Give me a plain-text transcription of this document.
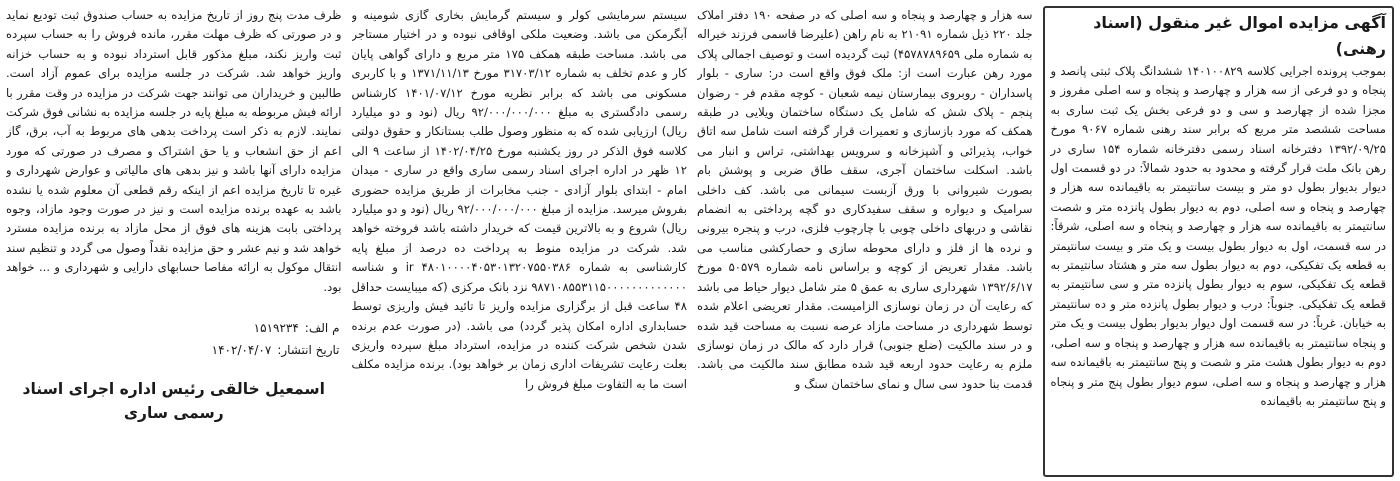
آگهی مزایده اموال غیر منقول (اسناد رهنی)

بموجب پرونده اجرایی کلاسه ۱۴۰۱۰۰۸۲۹ ششدانگ پلاک ثبتی پانصد و پنجاه و دو فرعی از سه هزار و چهارصد و پنجاه و سه اصلی مفروز و مجزا شده از چهارصد و سی و دو فرعی بخش یک ثبت ساری به مساحت ششصد متر مربع که برابر سند رهنی شماره ۹۰۶۷ مورخ ۱۳۹۲/۰۹/۲۵ دفترخانه اسناد رسمی دفترخانه شماره ۱۵۴ ساری در رهن بانک ملت قرار گرفته و محدود به حدود شمالاً: در دو قسمت اول دیوار بدیوار بطول دو متر و بیست سانتیمتر به باقیمانده سه هزار و چهارصد و پنجاه و سه اصلی، دوم به دیوار بطول پانزده متر و شصت سانتیمتر به باقیمانده سه هزار و چهارصد و پنجاه و سه اصلی، شرقاً: در سه قسمت، اول به دیوار بطول بیست و یک متر و بیست سانتیمتر به قطعه یک تفکیکی، دوم به دیوار بطول سه متر و هشتاد سانتیمتر به قطعه یک تفکیکی، سوم به دیوار بطول پانزده متر و سی سانتیمتر به قطعه یک تفکیکی. جنوباً: درب و دیوار بطول پانزده متر و ده سانتیمتر به خیابان. غرباً: در سه قسمت اول دیوار بدیوار بطول بیست و یک متر و پنجاه سانتیمتر به باقیمانده سه هزار و چهارصد و پنجاه و سه اصلی، دوم به دیوار بطول هشت متر و شصت و پنج سانتیمتر به باقیمانده سه هزار و چهارصد و پنجاه و سه اصلی، سوم دیوار بطول پنج متر و پنجاه و پنج سانتیمتر به باقیمانده

سه هزار و چهارصد و پنجاه و سه اصلی که در صفحه ۱۹۰ دفتر املاک جلد ۲۲۰ ذیل شماره ۲۱۰۹۱ به نام راهن (علیرضا قاسمی فرزند خیراله به شماره ملی ۴۵۷۸۷۸۹۶۵۹) ثبت گردیده است و توصیف اجمالی پلاک مورد رهن عبارت است از: ملک فوق واقع است در: ساری - بلوار پاسداران - روبروی بیمارستان نیمه شعبان - کوچه مقدم فر - رضوان پنجم - پلاک شش که شامل یک دستگاه ساختمان ویلایی در طبقه همکف که مورد بازسازی و تعمیرات قرار گرفته است شامل سه اتاق خواب، پذیرائی و آشپزخانه و سرویس بهداشتی، تراس و انبار می باشد. اسکلت ساختمان آجری، سقف طاق ضربی و پوشش بام بصورت شیروانی با ورق آزبست سیمانی می باشد. کف داخلی سرامیک و دیواره و سقف سفیدکاری دو گچه پرداختی به انضمام نقاشی و دربهای داخلی چوبی با چارچوب فلزی، درب و پنجره بیرونی و نرده ها از فلز و دارای محوطه سازی و حصارکشی مناسب می باشد. مقدار تعریض از کوچه و براساس نامه شماره ۵۰۵۷۹ مورخ ۱۳۹۲/۶/۱۷ شهرداری ساری به عمق ۵ متر شامل دیوار حیاط می باشد که رعایت آن در زمان نوسازی الزامیست. مقدار تعریضی اعلام شده توسط شهرداری در مساحت مازاد عرصه نسبت به مساحت قید شده و در سند مالکیت (ضلع جنوبی) قرار دارد که مالک در زمان نوسازی ملزم به رعایت حدود اربعه قید شده مطابق سند مالکیت می باشد. قدمت بنا حدود سی سال و نمای ساختمان سنگ و

سیستم سرمایشی کولر و سیستم گرمایش بخاری گازی شومینه و آبگرمکن می باشد. وضعیت ملکی اوقافی نبوده و در اختیار مستاجر می باشد. مساحت طبقه همکف ۱۷۵ متر مربع و دارای گواهی پایان کار و عدم تخلف به شماره ۳۱۷۰۳/۱۲ مورخ ۱۳۷۱/۱۱/۱۳ و با کاربری مسکونی می باشد که برابر نظریه مورخ ۱۴۰۱/۰۷/۱۲ کارشناس رسمی دادگستری به مبلغ ۹۲/۰۰۰/۰۰۰/۰۰۰ ریال (نود و دو میلیارد ریال) ارزیابی شده که به منظور وصول طلب بستانکار و حقوق دولتی کلاسه فوق الذکر در روز یکشنبه مورخ ۱۴۰۲/۰۴/۲۵ از ساعت ۹ الی ۱۲ ظهر در اداره اجرای اسناد رسمی ساری واقع در ساری - میدان امام - ابتدای بلوار آزادی - جنب مخابرات از طریق مزایده حضوری بفروش میرسد. مزایده از مبلغ ۹۲/۰۰۰/۰۰۰/۰۰۰ ریال (نود و دو میلیارد ریال) شروع و به بالاترین قیمت که خریدار داشته باشد فروخته خواهد شد. شرکت در مزایده منوط به پرداخت ده درصد از مبلغ پایه کارشناسی به شماره ۴۸۰۱۰۰۰۰۴۰۵۳۰۱۳۲۰۷۵۵۰۳۸۶ ir و شناسه ۹۸۷۱۰۸۵۵۳۱۱۵۰۰۰۰۰۰۰۰۰۰۰۰۰ نزد بانک مرکزی (که میبایست حداقل ۴۸ ساعت قبل از برگزاری مزایده واریز تا تائید فیش واریزی توسط حسابداری اداره امکان پذیر گردد) می باشد. (در صورت عدم برنده شدن شخص شرکت کننده در مزایده، استرداد مبلغ سپرده واریزی بعلت رعایت تشریفات اداری زمان بر خواهد بود). برنده مزایده مکلف است ما به التفاوت مبلغ فروش را

ظرف مدت پنج روز از تاریخ مزایده به حساب صندوق ثبت تودیع نماید و در صورتی که ظرف مهلت مقرر، مانده فروش را به حساب سپرده ثبت واریز نکند، مبلغ مذکور قابل استرداد نبوده و به حساب خزانه واریز خواهد شد. شرکت در جلسه مزایده برای عموم آزاد است. طالبین و خریداران می توانند جهت شرکت در مزایده در وقت مقرر با ارائه فیش مربوطه به مبلغ پایه در جلسه مزایده به نشانی فوق شرکت نمایند. لازم به ذکر است پرداخت بدهی های مربوط به آب، برق، گاز اعم از حق انشعاب و یا حق اشتراک و مصرف در صورتی که مورد مزایده دارای آنها باشد و نیز بدهی های مالیاتی و عوارض شهرداری و غیره تا تاریخ مزایده اعم از اینکه رقم قطعی آن معلوم شده یا نشده باشد به عهده برنده مزایده است و نیز در صورت وجود مازاد، وجوه پرداختی بابت هزینه های فوق از محل مازاد به برنده مزایده مسترد خواهد شد و نیم عشر و حق مزایده نقداً وصول می گردد و تنظیم سند انتقال موکول به ارائه مفاصا حسابهای دارایی و شهرداری و ... خواهد بود.

م الف:
۱۵۱۹۲۳۴
تاریخ انتشار:
۱۴۰۲/۰۴/۰۷
اسمعیل خالقی رئیس اداره اجرای اسناد رسمی ساری
